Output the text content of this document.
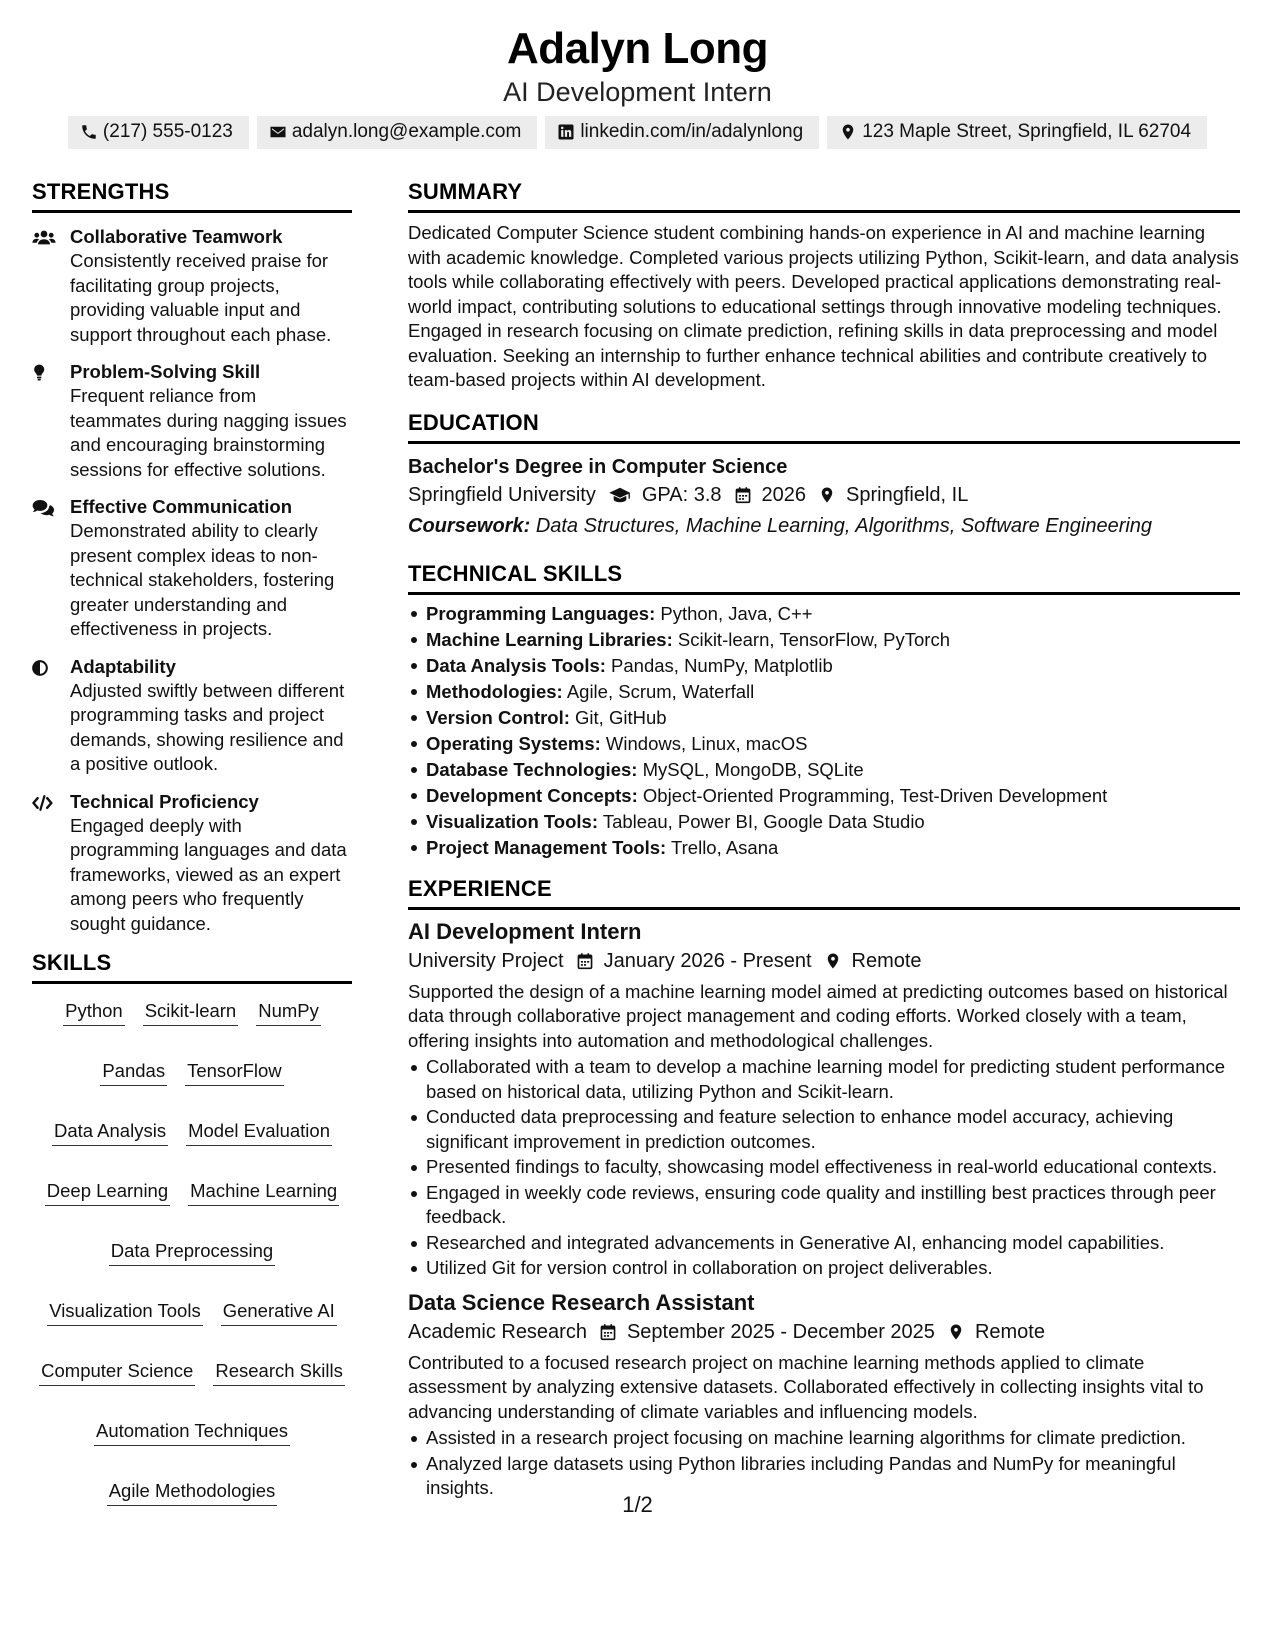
Adalyn Long
AI Development Intern
(217) 555-0123	adalyn.long@example.com	linkedin.com/in/adalynlong	123 Maple Street, Springfield, IL 62704
STRENGTHS
Collaborative Teamwork
Consistently received praise for facilitating group projects, providing valuable input and support throughout each phase.
Problem-Solving Skill
Frequent reliance from teammates during nagging issues and encouraging brainstorming sessions for effective solutions.
Effective Communication
Demonstrated ability to clearly present complex ideas to non-technical stakeholders, fostering greater understanding and effectiveness in projects.
Adaptability
Adjusted swiftly between different programming tasks and project demands, showing resilience and a positive outlook.
Technical Proficiency
Engaged deeply with programming languages and data frameworks, viewed as an expert among peers who frequently sought guidance.
SKILLS
Python Scikit-learn NumPy
Pandas TensorFlow
Data Analysis Model Evaluation
Deep Learning Machine Learning
Data Preprocessing
Visualization Tools Generative AI
Computer Science Research Skills
Automation Techniques
Agile Methodologies
SUMMARY
Dedicated Computer Science student combining hands-on experience in AI and machine learning with academic knowledge. Completed various projects utilizing Python, Scikit-learn, and data analysis tools while collaborating effectively with peers. Developed practical applications demonstrating real-world impact, contributing solutions to educational settings through innovative modeling techniques. Engaged in research focusing on climate prediction, refining skills in data preprocessing and model evaluation. Seeking an internship to further enhance technical abilities and contribute creatively to team-based projects within AI development.
EDUCATION
Bachelor's Degree in Computer Science
Springfield University GPA: 3.8 2026 Springfield, IL
Coursework: Data Structures, Machine Learning, Algorithms, Software Engineering
TECHNICAL SKILLS
Programming Languages: Python, Java, C++
Machine Learning Libraries: Scikit-learn, TensorFlow, PyTorch
Data Analysis Tools: Pandas, NumPy, Matplotlib
Methodologies: Agile, Scrum, Waterfall
Version Control: Git, GitHub
Operating Systems: Windows, Linux, macOS
Database Technologies: MySQL, MongoDB, SQLite
Development Concepts: Object-Oriented Programming, Test-Driven Development
Visualization Tools: Tableau, Power BI, Google Data Studio
Project Management Tools: Trello, Asana
EXPERIENCE
AI Development Intern
University Project January 2026 - Present Remote
Supported the design of a machine learning model aimed at predicting outcomes based on historical data through collaborative project management and coding efforts. Worked closely with a team, offering insights into automation and methodological challenges.
Collaborated with a team to develop a machine learning model for predicting student performance based on historical data, utilizing Python and Scikit-learn.
Conducted data preprocessing and feature selection to enhance model accuracy, achieving significant improvement in prediction outcomes.
Presented findings to faculty, showcasing model effectiveness in real-world educational contexts.
Engaged in weekly code reviews, ensuring code quality and instilling best practices through peer feedback.
Researched and integrated advancements in Generative AI, enhancing model capabilities.
Utilized Git for version control in collaboration on project deliverables.
Data Science Research Assistant
Academic Research September 2025 - December 2025 Remote
Contributed to a focused research project on machine learning methods applied to climate assessment by analyzing extensive datasets. Collaborated effectively in collecting insights vital to advancing understanding of climate variables and influencing models.
Assisted in a research project focusing on machine learning algorithms for climate prediction.
Analyzed large datasets using Python libraries including Pandas and NumPy for meaningful insights.
1/2
